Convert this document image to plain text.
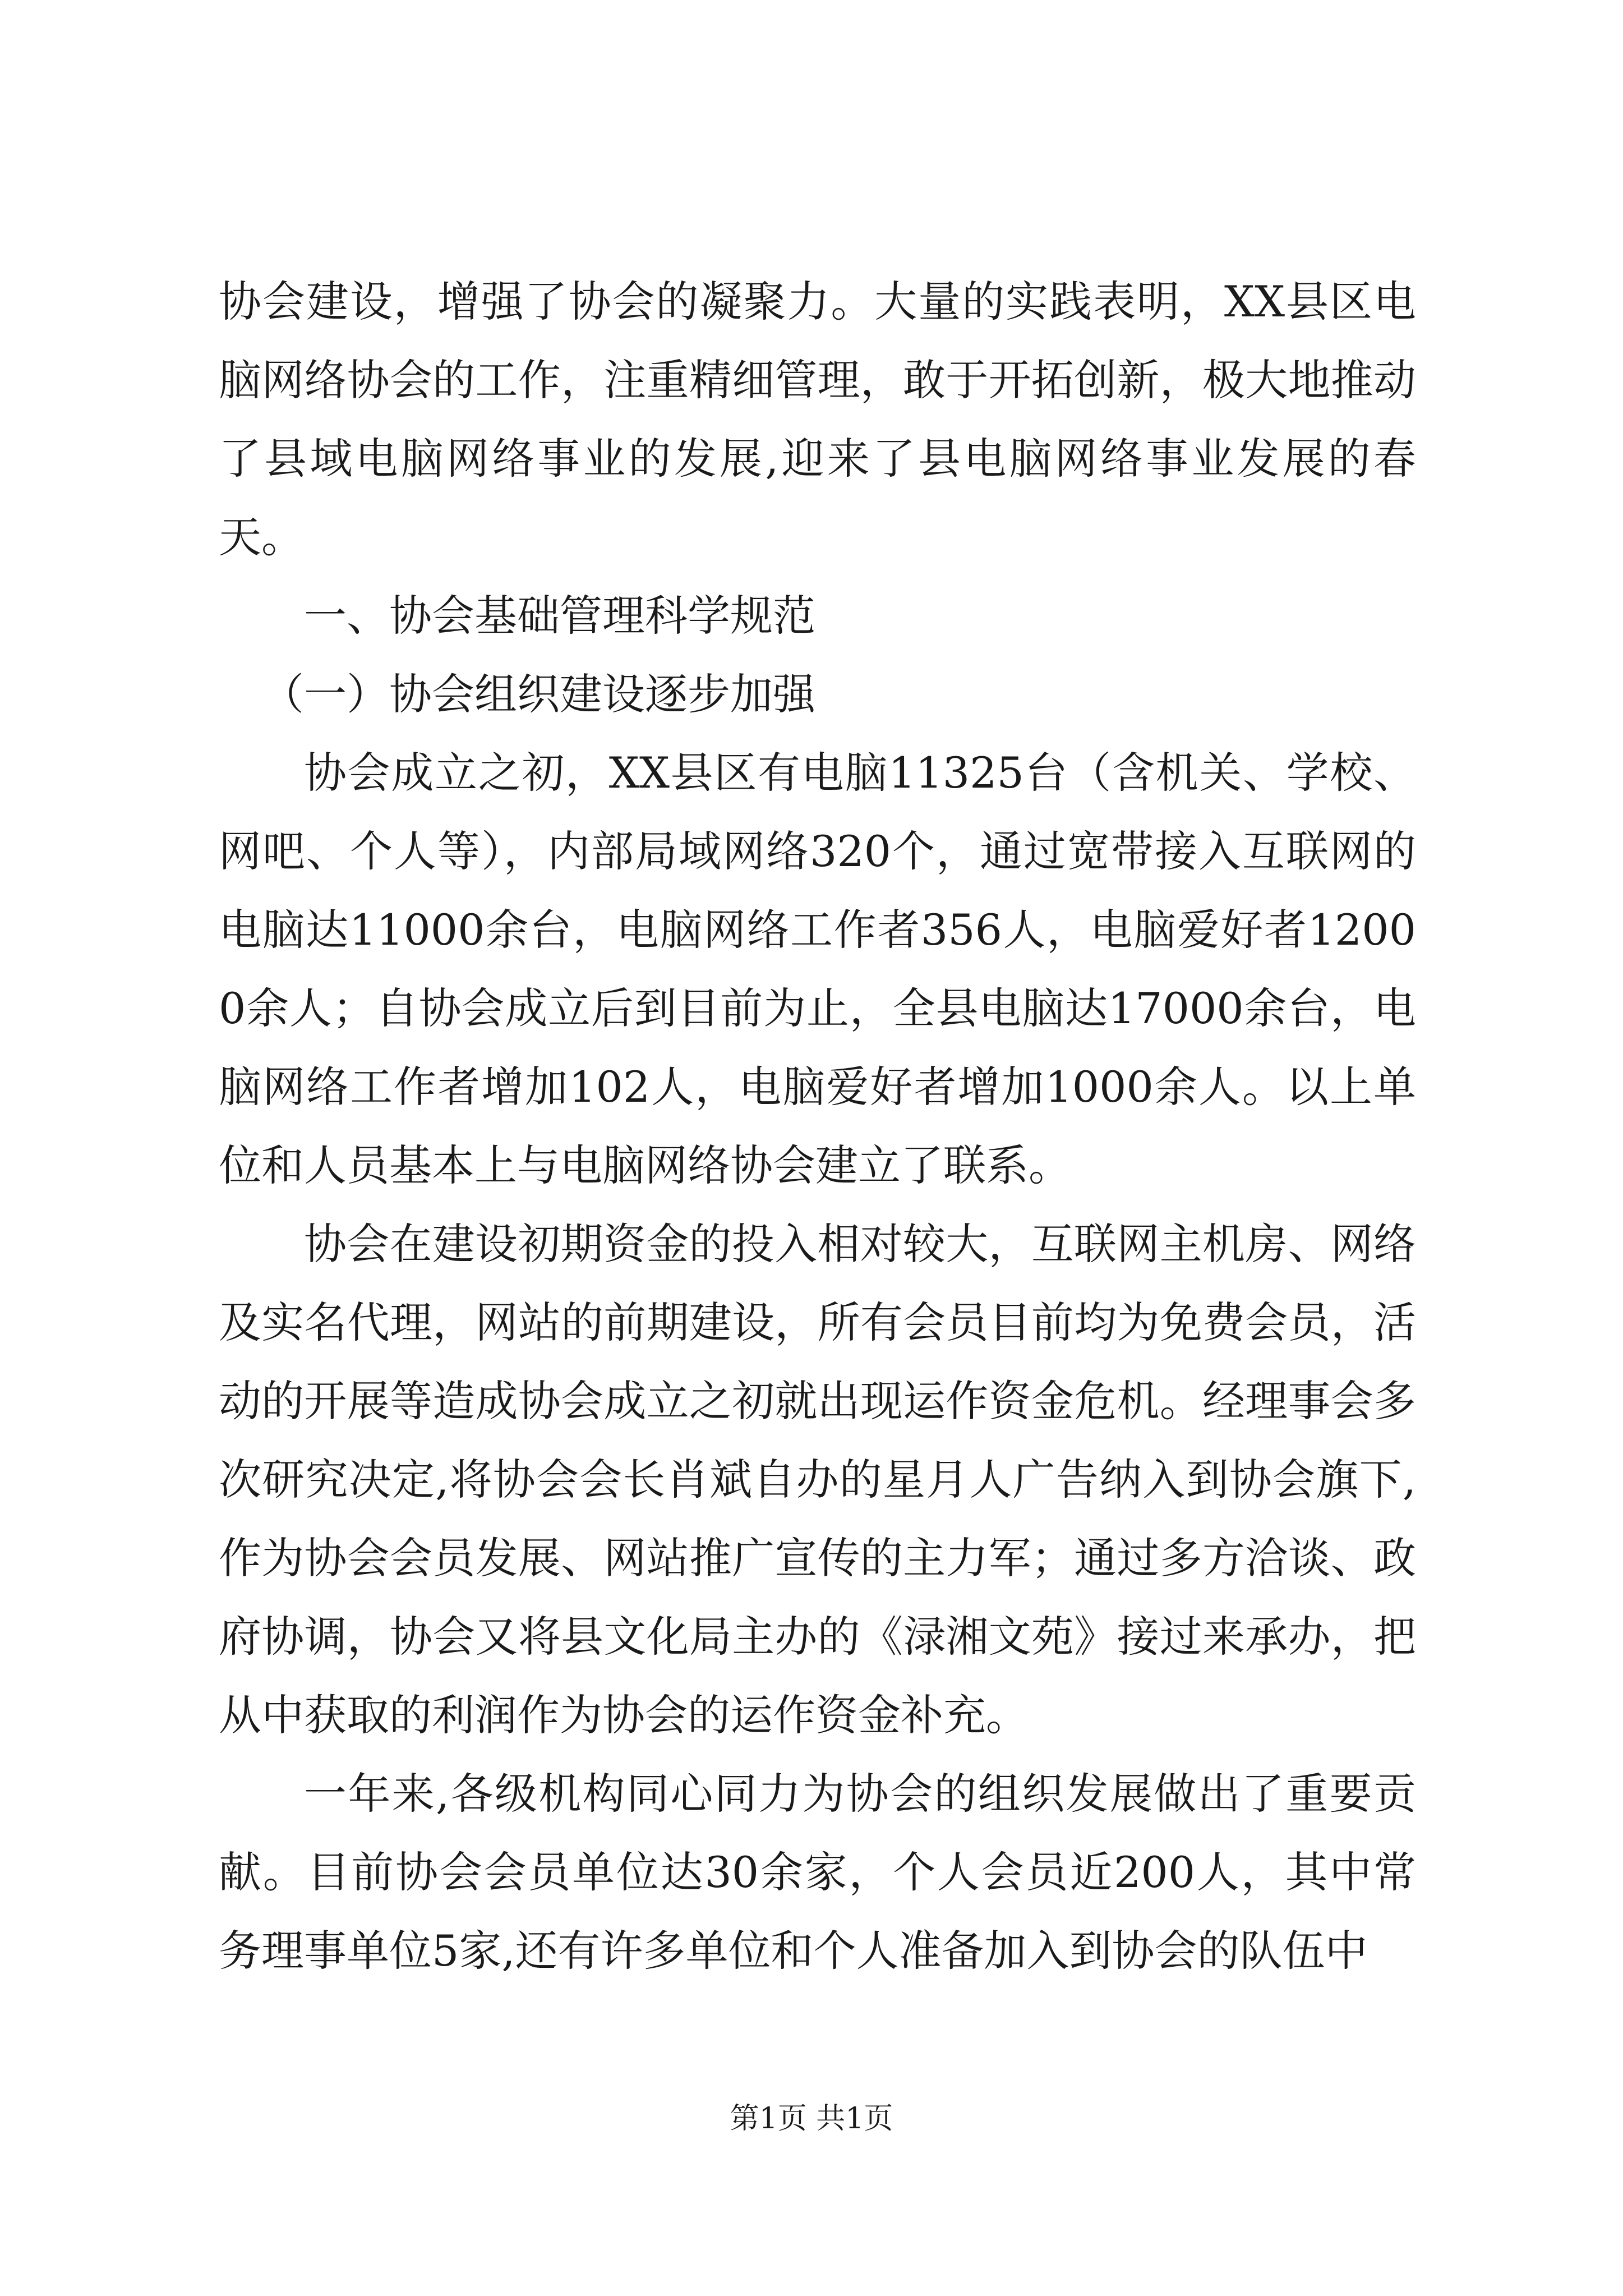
协会建设，增强了协会的凝聚力。大量的实践表明，XX县区电脑网络协会的工作，注重精细管理，敢于开拓创新，极大地推动了县域电脑网络事业的发展,迎来了县电脑网络事业发展的春天。

一、协会基础管理科学规范

（一）协会组织建设逐步加强

协会成立之初，XX县区有电脑11325台（含机关、学校、网吧、个人等），内部局域网络320个，通过宽带接入互联网的电脑达11000余台，电脑网络工作者356人，电脑爱好者12000余人；自协会成立后到目前为止，全县电脑达17000余台，电脑网络工作者增加102人，电脑爱好者增加1000余人。以上单位和人员基本上与电脑网络协会建立了联系。

协会在建设初期资金的投入相对较大，互联网主机房、网络及实名代理，网站的前期建设，所有会员目前均为免费会员，活动的开展等造成协会成立之初就出现运作资金危机。经理事会多次研究决定,将协会会长肖斌自办的星月人广告纳入到协会旗下,作为协会会员发展、网站推广宣传的主力军；通过多方洽谈、政府协调，协会又将县文化局主办的《渌湘文苑》接过来承办，把从中获取的利润作为协会的运作资金补充。

一年来,各级机构同心同力为协会的组织发展做出了重要贡献。目前协会会员单位达30余家，个人会员近200人，其中常务理事单位5家,还有许多单位和个人准备加入到协会的队伍中

第1页 共1页
